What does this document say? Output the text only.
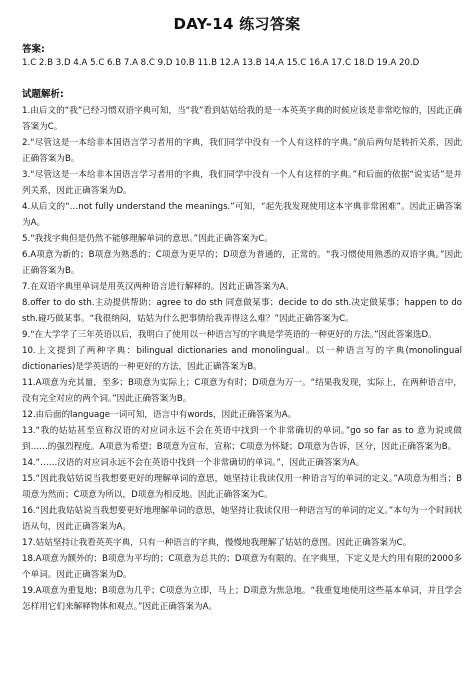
DAY-14 练习答案
答案:
1.C 2.B 3.D 4.A 5.C 6.B 7.A 8.C 9.D 10.B 11.B 12.A 13.B 14.A 15.C 16.A 17.C 18.D 19.A 20.D
试题解析:

1.由后文的“我”已经习惯双语字典可知，当“我”看到姑姑给我的是一本英英字典的时候应该是非常吃惊的，因此正确答案为C。

2.“尽管这是一本给非本国语言学习者用的字典，我们同学中没有一个人有这样的字典。”前后两句是转折关系，因此正确答案为B。

3.“尽管这是一本给非本国语言学习者用的字典，我们同学中没有一个人有这样的字典。”和后面的依据“说实话”是并列关系，因此正确答案为D。

4.从后文的“…not fully understand the meanings.”可知，“起先我发现使用这本字典非常困难”。因此正确答案为A。

5.“我找字典但是仍然不能够理解单词的意思。”因此正确答案为C。

6.A项意为新的；B项意为熟悉的；C项意为更早的；D项意为普通的，正常的。“我习惯使用熟悉的双语字典。”因此正确答案为B。

7.在双语字典里单词是用英汉两种语言进行解释的。因此正确答案为A。

8.offer to do sth.主动提供帮助；agree to do sth 同意做某事；decide to do sth.决定做某事；happen to do sth.碰巧做某事。“我很纳闷，姑姑为什么把事情给我弄得这么难？”因此正确答案为C。

9.“在大学学了三年英语以后，我明白了使用以一种语言写的字典是学英语的一种更好的方法。”因此答案选D。

10.上文提到了两种字典：bilingual dictionaries and monolingual。以一种语言写的字典(monolingual dictionaries)是学英语的一种更好的方法，因此正确答案为B。

11.A项意为充其量，至多；B项意为实际上；C项意为有时；D项意为万一。“结果我发现，实际上，在两种语言中，没有完全对应的两个词。”因此正确答案为B。

12.由后面的language一词可知，语言中有words，因此正确答案为A。

13.“我的姑姑甚至宣称汉语的对应词永远不会在英语中找到一个非常确切的单词。”go so far as to 意为说或做到……的强烈程度。A项意为希望；B项意为宣布，宣称；C项意为怀疑；D项意为告诉，区分，因此正确答案为B。

14.“……汉语的对应词永远不会在英语中找到一个非常确切的单词。”，因此正确答案为A。

15.“因此我姑姑说当我想要更好的理解单词的意思，她坚持让我读仅用一种语言写的单词的定义。”A项意为相当；B项意为然而；C项意为所以，D项意为相反地。因此正确答案为C。

16.“因此我姑姑说当我想要更好地理解单词的意思，她坚持让我读仅用一种语言写的单词的定义。”本句为一个时间状语从句，因此正确答案为A。

17.姑姑坚持让我看英英字典，只有一种语言的字典，慢慢地我理解了姑姑的意图。因此正确答案为C。

18.A项意为额外的；B项意为平均的；C项意为总共的；D项意为有限的。在字典里，下定义是大约用有限的2000多个单词。因此正确答案为D。

19.A项意为重复地；B项意为几乎；C项意为立即，马上；D项意为焦急地。“我重复地使用这些基本单词，并且学会怎样用它们来解释物体和观点。”因此正确答案为A。
